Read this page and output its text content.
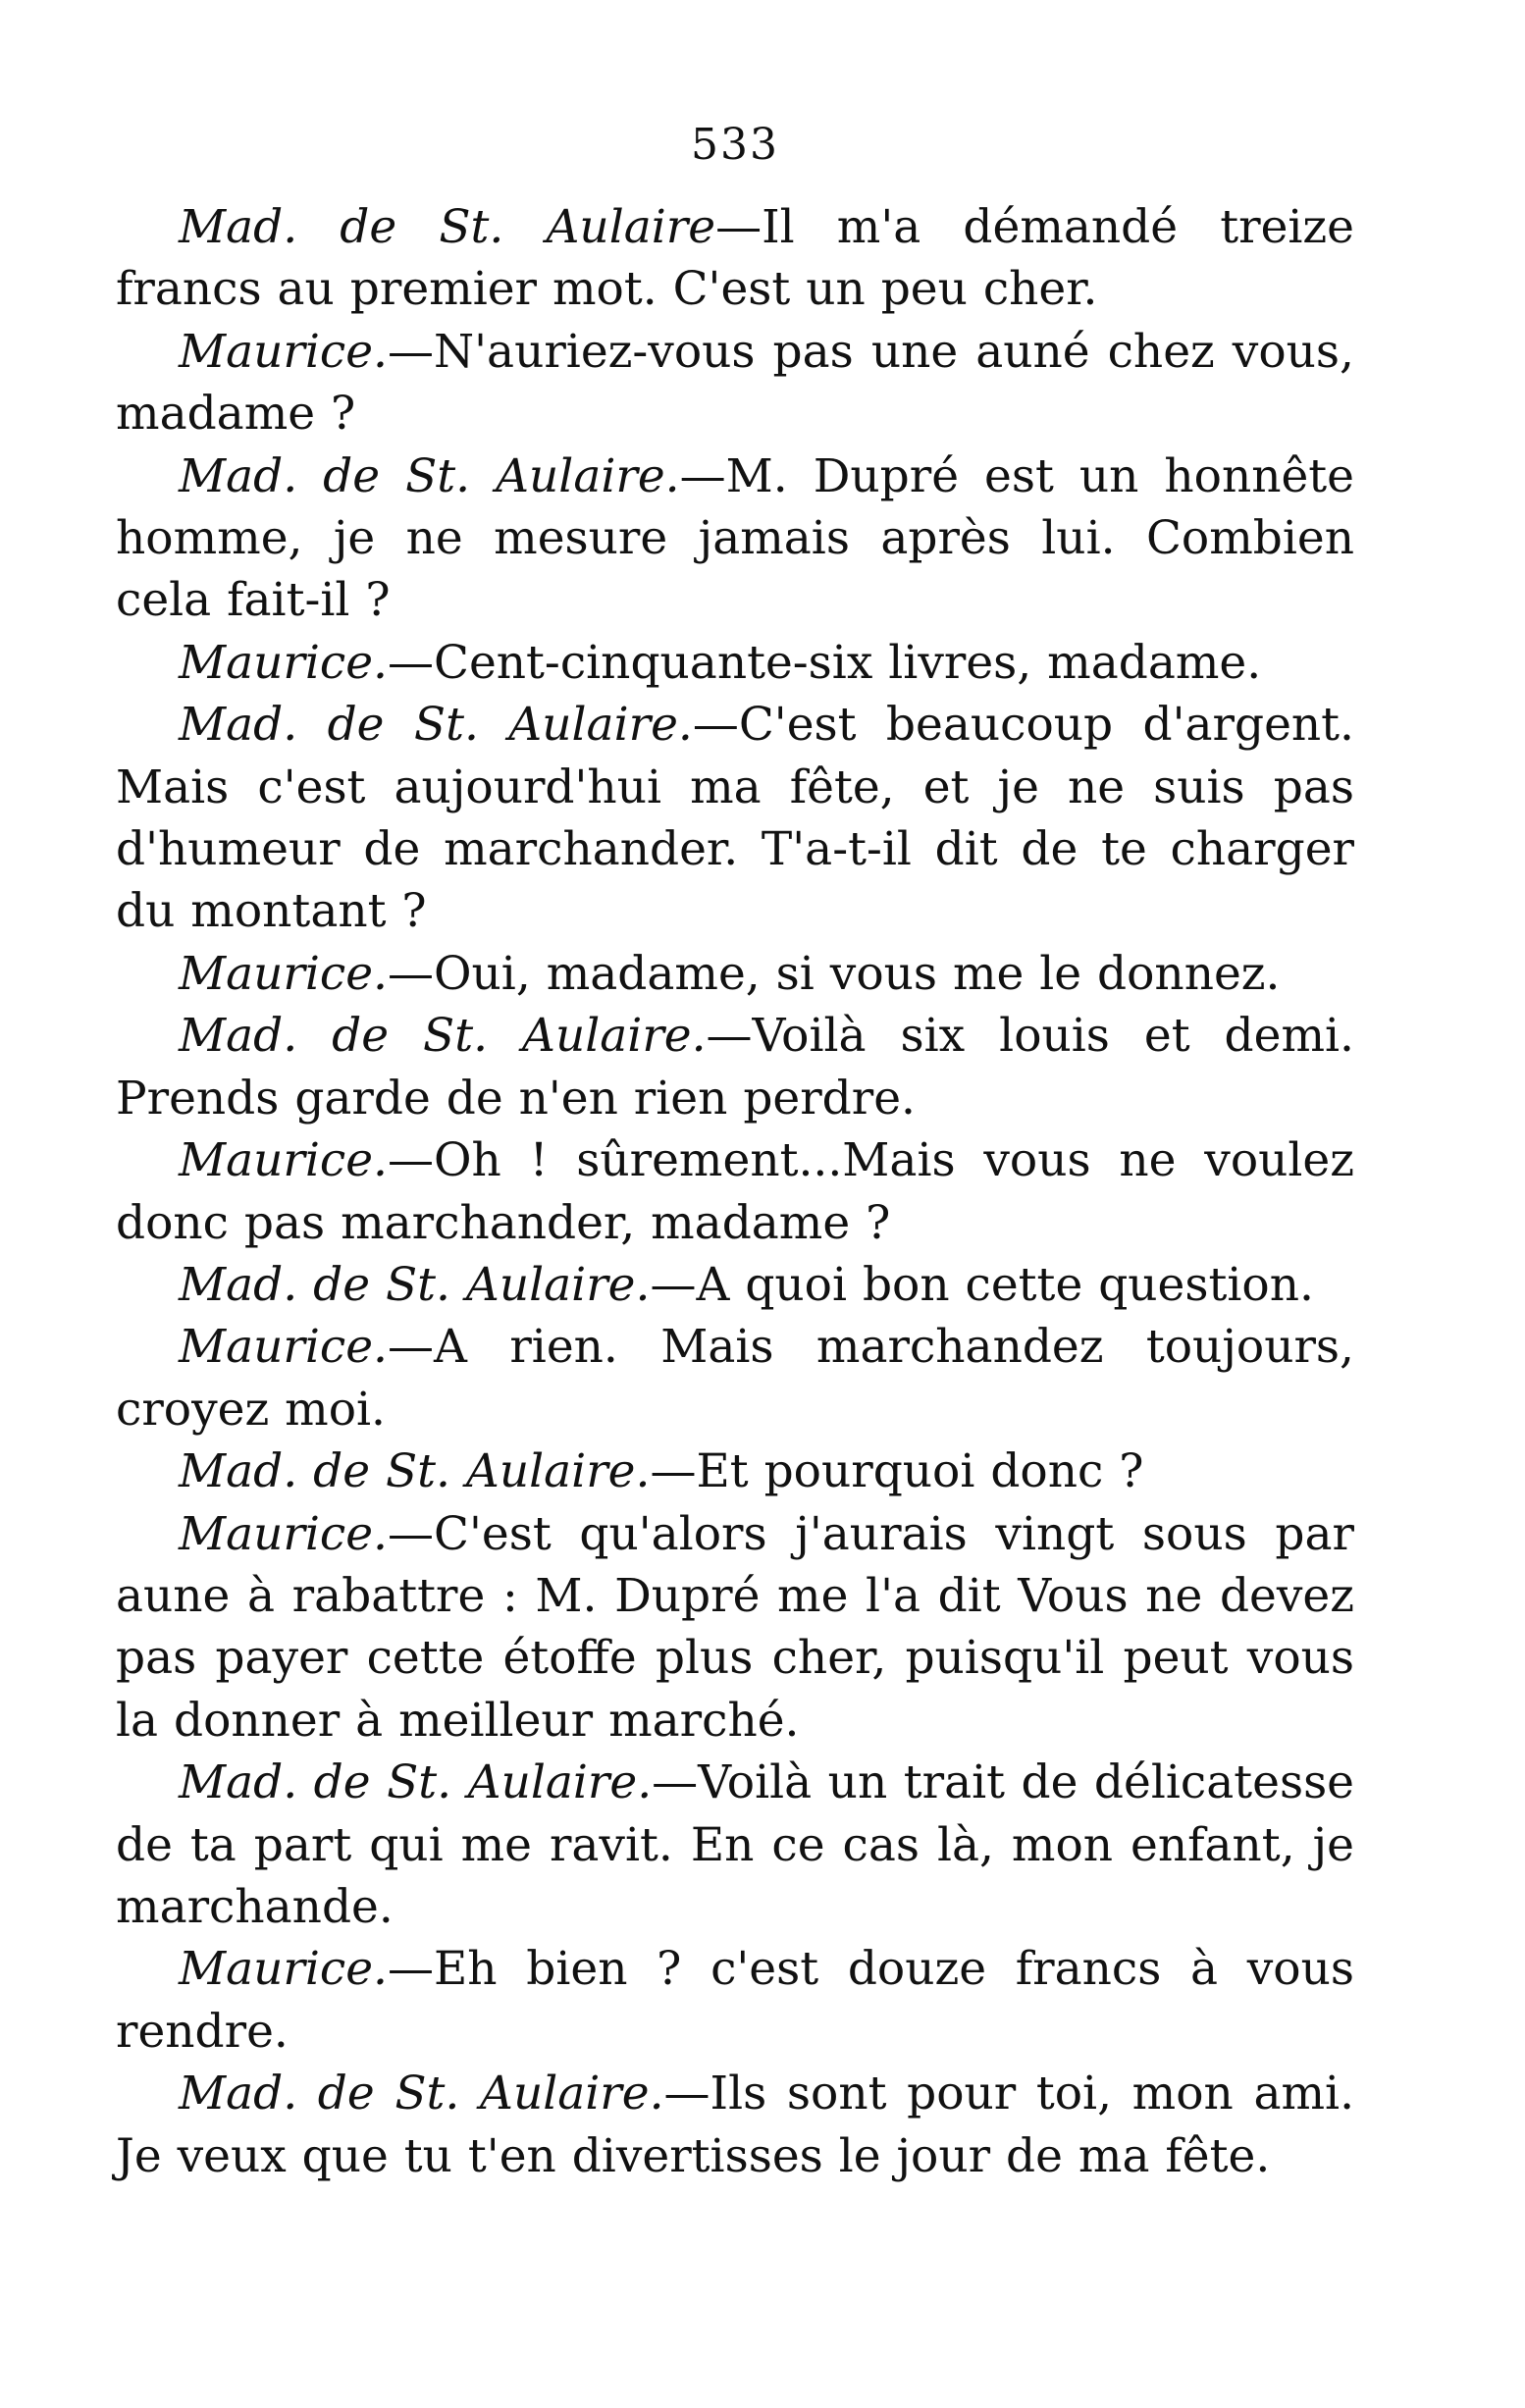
533

Mad. de St. Aulaire—Il m'a démandé treize francs au premier mot. C'est un peu cher.

Maurice.—N'auriez-vous pas une auné chez vous, madame ?

Mad. de St. Aulaire.—M. Dupré est un honnête homme, je ne mesure jamais après lui. Combien cela fait-il ?

Maurice.—Cent-cinquante-six livres, madame.

Mad. de St. Aulaire.—C'est beaucoup d'argent. Mais c'est aujourd'hui ma fête, et je ne suis pas d'humeur de marchander. T'a-t-il dit de te charger du montant ?

Maurice.—Oui, madame, si vous me le donnez.

Mad. de St. Aulaire.—Voilà six louis et demi. Prends garde de n'en rien perdre.

Maurice.—Oh ! sûrement...Mais vous ne voulez donc pas marchander, madame ?

Mad. de St. Aulaire.—A quoi bon cette question.

Maurice.—A rien. Mais marchandez toujours, croyez moi.

Mad. de St. Aulaire.—Et pourquoi donc ?

Maurice.—C'est qu'alors j'aurais vingt sous par aune à rabattre : M. Dupré me l'a dit Vous ne devez pas payer cette étoffe plus cher, puisqu'il peut vous la donner à meilleur marché.

Mad. de St. Aulaire.—Voilà un trait de délicatesse de ta part qui me ravit. En ce cas là, mon enfant, je marchande.

Maurice.—Eh bien ? c'est douze francs à vous rendre.

Mad. de St. Aulaire.—Ils sont pour toi, mon ami. Je veux que tu t'en divertisses le jour de ma fête.
